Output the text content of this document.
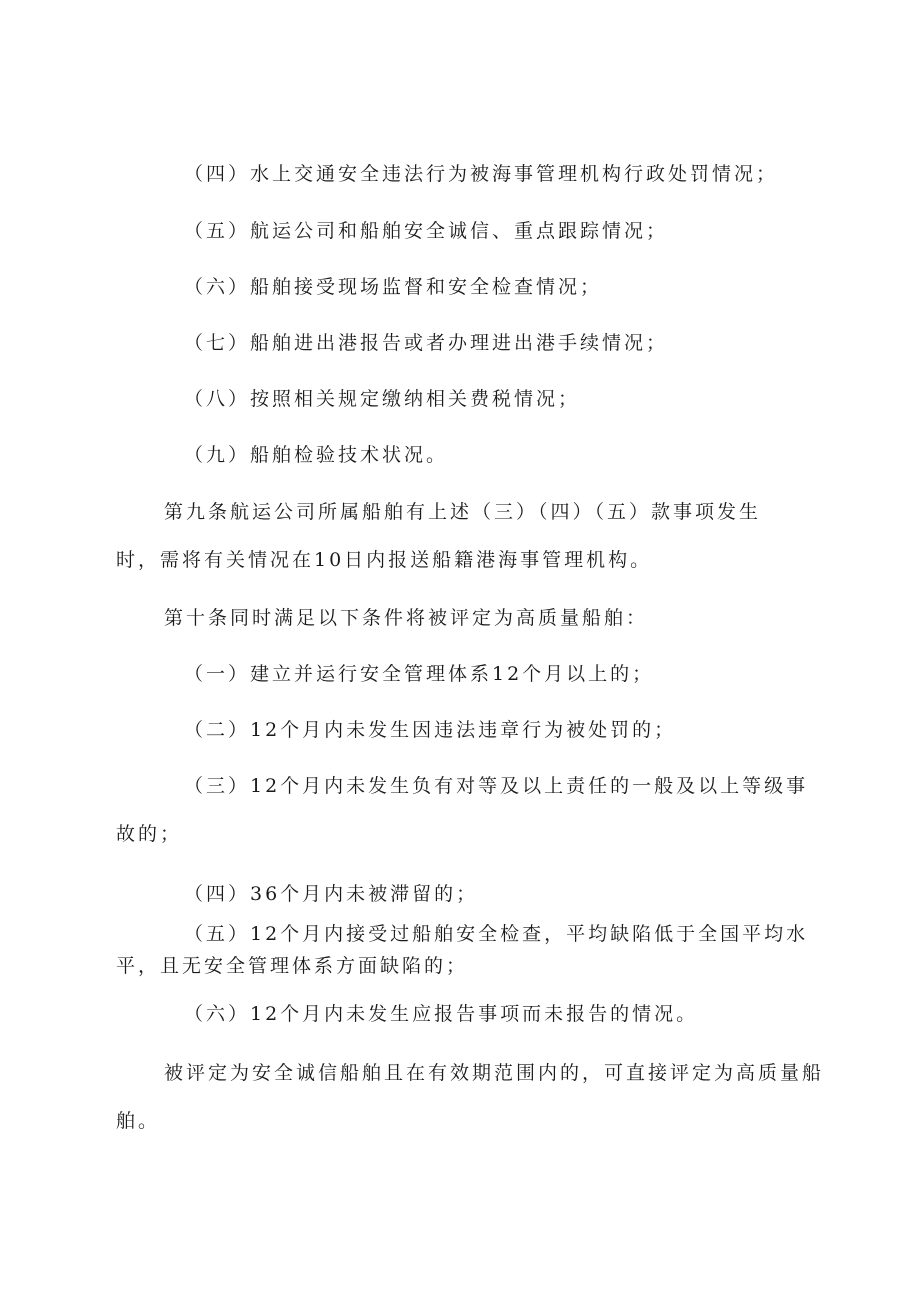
（四）水上交通安全违法行为被海事管理机构行政处罚情况；
（五）航运公司和船舶安全诚信、重点跟踪情况；
（六）船舶接受现场监督和安全检查情况；
（七）船舶进出港报告或者办理进出港手续情况；
（八）按照相关规定缴纳相关费税情况；
（九）船舶检验技术状况。
第九条航运公司所属船舶有上述（三）（四）（五）款事项发生
时，需将有关情况在10日内报送船籍港海事管理机构。
第十条同时满足以下条件将被评定为高质量船舶：
（一）建立并运行安全管理体系12个月以上的；
（二）12个月内未发生因违法违章行为被处罚的；
（三）12个月内未发生负有对等及以上责任的一般及以上等级事
故的；
（四）36个月内未被滞留的；
（五）12个月内接受过船舶安全检查，平均缺陷低于全国平均水
平，且无安全管理体系方面缺陷的；
（六）12个月内未发生应报告事项而未报告的情况。
被评定为安全诚信船舶且在有效期范围内的，可直接评定为高质量船
舶。
